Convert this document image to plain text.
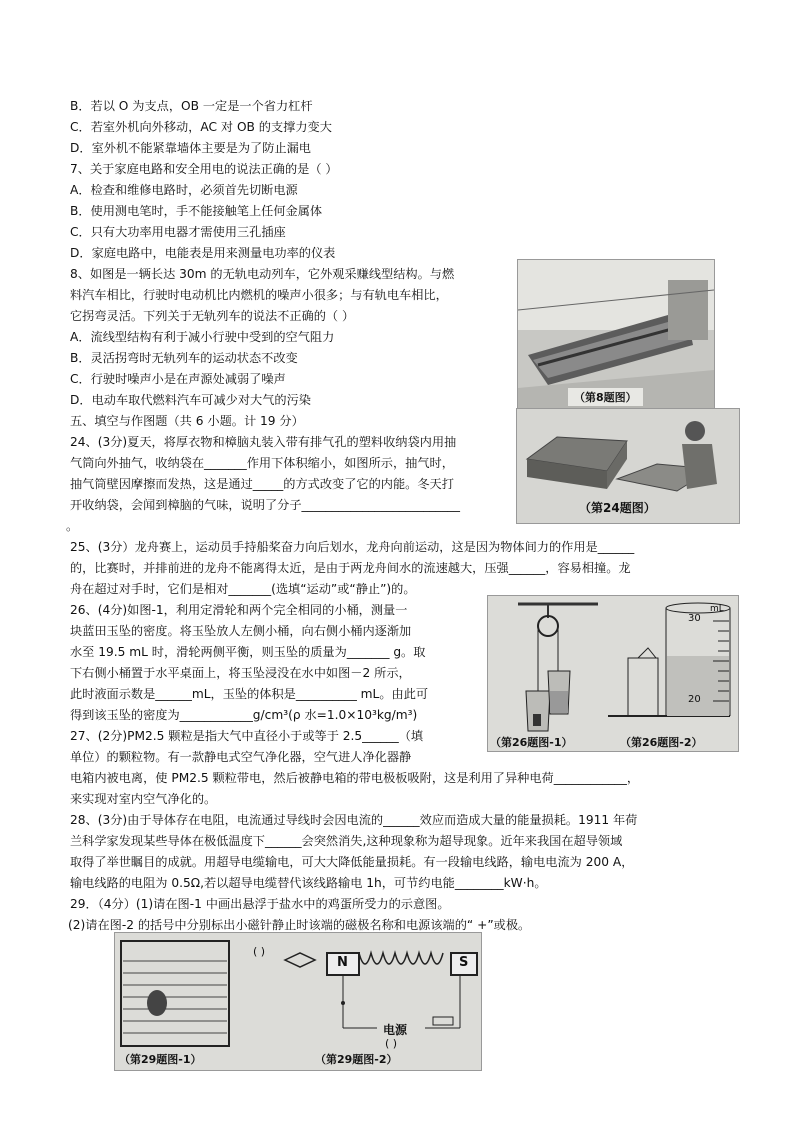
B．若以 O 为支点，OB 一定是一个省力杠杆
C．若室外机向外移动，AC 对 OB 的支撑力变大
D．室外机不能紧靠墙体主要是为了防止漏电
7、关于家庭电路和安全用电的说法正确的是（ ）
A．检查和维修电路时，必须首先切断电源
B．使用测电笔时，手不能接触笔上任何金属体
C．只有大功率用电器才需使用三孔插座
D．家庭电路中，电能表是用来测量电功率的仪表
8、如图是一辆长达 30m 的无轨电动列车，它外观采赚线型结构。与燃
料汽车相比，行驶时电动机比内燃机的噪声小很多；与有轨电车相比，
它拐弯灵活。下列关于无轨列车的说法不正确的（ ）
A．流线型结构有利于减小行驶中受到的空气阻力
B．灵活拐弯时无轨列车的运动状态不改变
C．行驶时噪声小是在声源处减弱了噪声
D．电动车取代燃料汽车可减少对大气的污染
五、填空与作图题（共 6 小题。计 19 分）
24、(3分)夏天，将厚衣物和樟脑丸装入带有排气孔的塑料收纳袋内用抽
气筒向外抽气，收纳袋在_______作用下体积缩小，如图所示，抽气时，
抽气筒壁因摩擦而发热，这是通过_____的方式改变了它的内能。冬天打
开收纳袋，会闻到樟脑的气味，说明了分子__________________________
。
25、(3分）龙舟赛上，运动员手持船桨奋力向后划水，龙舟向前运动，这是因为物体间力的作用是______
的，比赛时，并排前进的龙舟不能离得太近，是由于两龙舟间水的流速越大，压强______，容易相撞。龙
舟在超过对手时，它们是相对_______(选填“运动”或“静止”)的。
26、(4分)如图-1，利用定滑轮和两个完全相同的小桶，测量一
块蓝田玉坠的密度。将玉坠放人左侧小桶，向右侧小桶内逐渐加
水至 19.5 mL 时，滑轮两侧平衡，则玉坠的质量为_______ g。取
下右侧小桶置于水平桌面上，将玉坠浸没在水中如图－2 所示，
此时液面示数是______mL，玉坠的体积是__________ mL。由此可
得到该玉坠的密度为____________g/cm³(ρ 水=1.0×10³kg/m³)
27、(2分)PM2.5 颗粒是指大气中直径小于或等于 2.5______（填
单位）的颗粒物。有一款静电式空气净化器，空气进人净化器静
电箱内被电离，使 PM2.5 颗粒带电，然后被静电箱的带电极板吸附，这是利用了异种电荷____________，
来实现对室内空气净化的。
28、(3分)由于导体存在电阻，电流通过导线时会因电流的______效应而造成大量的能量损耗。1911 年荷
兰科学家发现某些导体在极低温度下______会突然消失,这种现象称为超导现象。近年来我国在超导领域
取得了举世瞩目的成就。用超导电缆输电，可大大降低能量损耗。有一段输电线路，输电电流为 200 A，
输电线路的电阻为 0.5Ω,若以超导电缆替代该线路输电 1h，可节约电能________kW·h。
29．（4分）(1)请在图-1 中画出悬浮于盐水中的鸡蛋所受力的示意图。
(2)请在图-2 的括号中分别标出小磁针静止时该端的磁极名称和电源该端的“ +”或极。
（第8题图）
（第24题图）
mL
30
20
（第26题图-1）	（第26题图-2）
( )
N	S
电源
( )
（第29题图-1）	（第29题图-2）
